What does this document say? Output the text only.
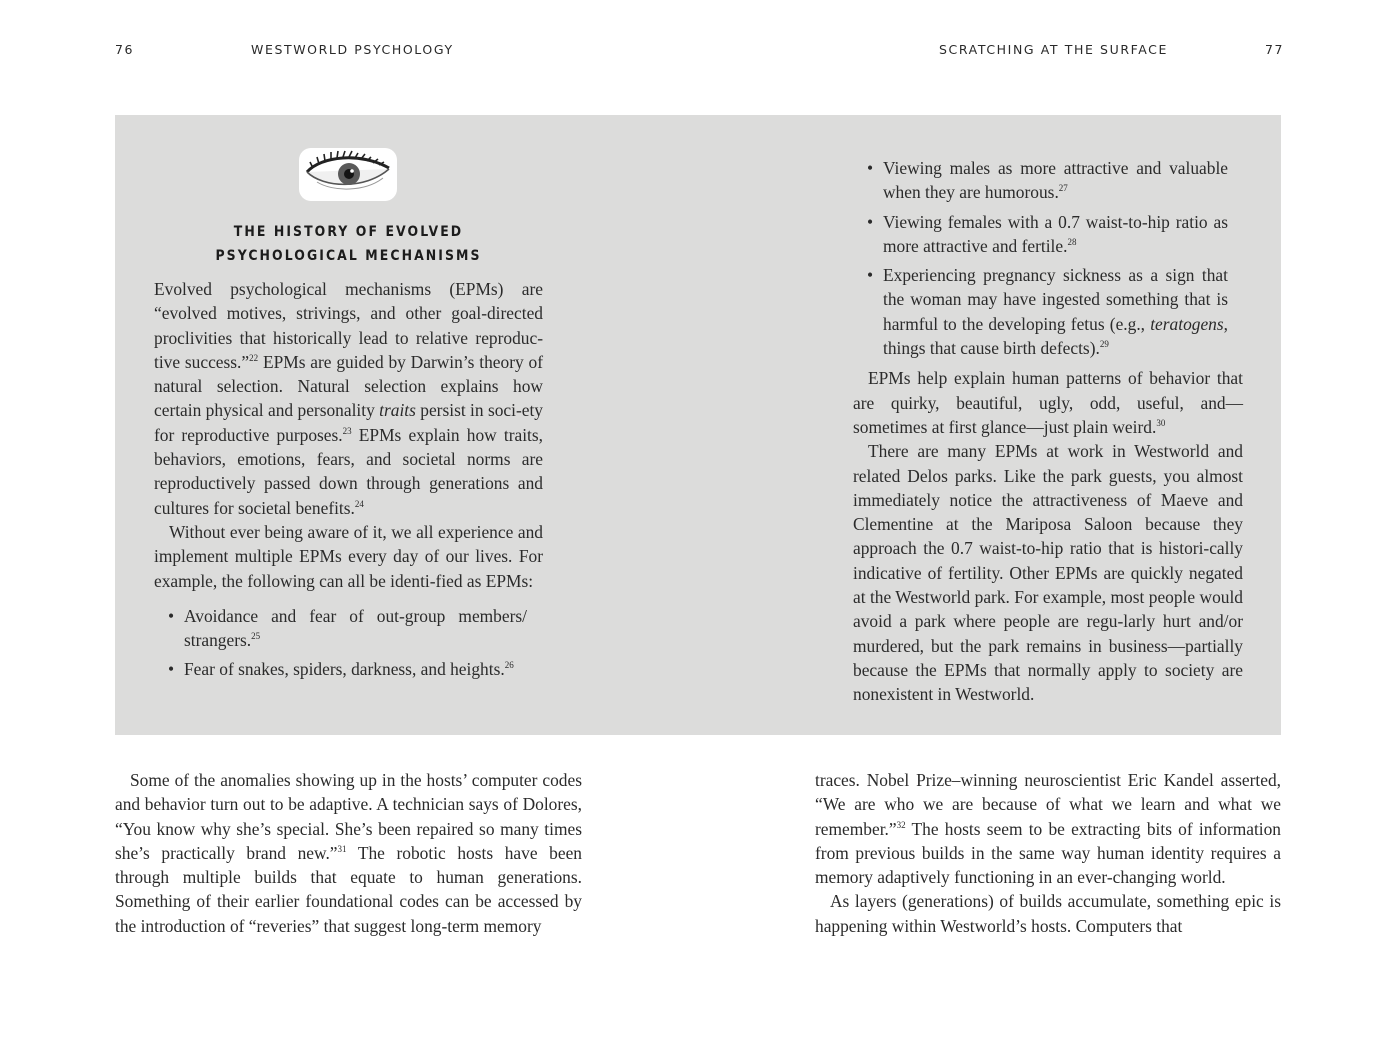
76	WESTWORLD PSYCHOLOGY	SCRATCHING AT THE SURFACE	77
THE HISTORY OF EVOLVED
PSYCHOLOGICAL MECHANISMS

Evolved psychological mechanisms (EPMs) are “evolved motives, strivings, and other goal-directed proclivities that historically lead to relative reproduc-tive success.”$^{22}$ EPMs are guided by Darwin’s theory of natural selection. Natural selection explains how certain physical and personality traits persist in soci-ety for reproductive purposes.$^{23}$ EPMs explain how traits, behaviors, emotions, fears, and societal norms are reproductively passed down through generations and cultures for societal benefits.$^{24}$

Without ever being aware of it, we all experience and implement multiple EPMs every day of our lives. For example, the following can all be identi-fied as EPMs:

• Avoidance and fear of out-group members/ strangers.$^{25}$
• Fear of snakes, spiders, darkness, and heights.$^{26}$
• Viewing males as more attractive and valuable when they are humorous.$^{27}$
• Viewing females with a 0.7 waist-to-hip ratio as more attractive and fertile.$^{28}$
• Experiencing pregnancy sickness as a sign that the woman may have ingested something that is harmful to the developing fetus (e.g., teratogens, things that cause birth defects).$^{29}$

EPMs help explain human patterns of behavior that are quirky, beautiful, ugly, odd, useful, and—sometimes at first glance—just plain weird.$^{30}$

There are many EPMs at work in Westworld and related Delos parks. Like the park guests, you almost immediately notice the attractiveness of Maeve and Clementine at the Mariposa Saloon because they approach the 0.7 waist-to-hip ratio that is histori-cally indicative of fertility. Other EPMs are quickly negated at the Westworld park. For example, most people would avoid a park where people are regu-larly hurt and/or murdered, but the park remains in business—partially because the EPMs that normally apply to society are nonexistent in Westworld.

Some of the anomalies showing up in the hosts’ computer codes and behavior turn out to be adaptive. A technician says of Dolores, “You know why she’s special. She’s been repaired so many times she’s practically brand new.”$^{31}$ The robotic hosts have been through multiple builds that equate to human generations. Something of their earlier foundational codes can be accessed by the introduction of “reveries” that suggest long-term memory

traces. Nobel Prize–winning neuroscientist Eric Kandel asserted, “We are who we are because of what we learn and what we remember.”$^{32}$ The hosts seem to be extracting bits of information from previous builds in the same way human identity requires a memory adaptively functioning in an ever-changing world.

As layers (generations) of builds accumulate, something epic is happening within Westworld’s hosts. Computers that
